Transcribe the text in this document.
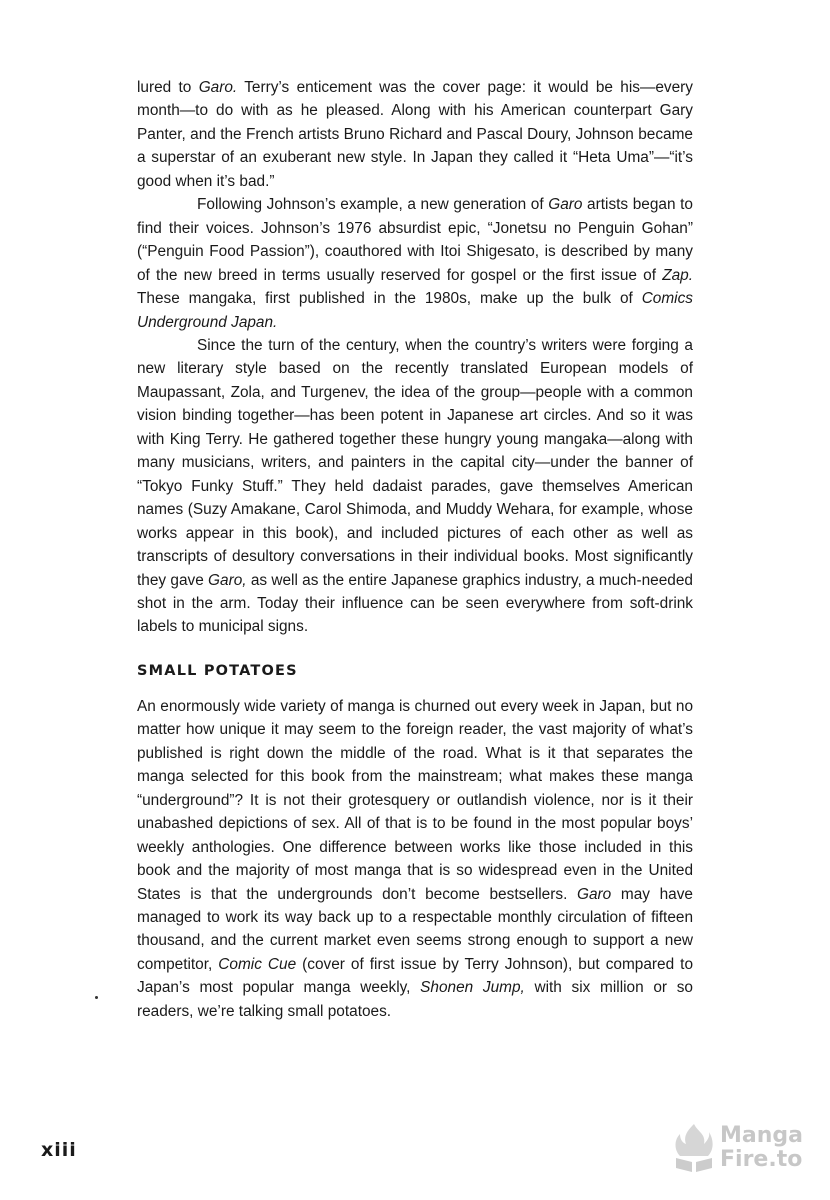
lured to Garo. Terry’s enticement was the cover page: it would be his—every month—to do with as he pleased. Along with his American counterpart Gary Panter, and the French artists Bruno Richard and Pascal Doury, Johnson became a superstar of an exuberant new style. In Japan they called it “Heta Uma”—“it’s good when it’s bad.”

Following Johnson’s example, a new generation of Garo artists began to find their voices. Johnson’s 1976 absurdist epic, “Jonetsu no Penguin Gohan” (“Penguin Food Passion”), coauthored with Itoi Shigesato, is described by many of the new breed in terms usually reserved for gospel or the first issue of Zap. These mangaka, first published in the 1980s, make up the bulk of Comics Underground Japan.

Since the turn of the century, when the country’s writers were forging a new literary style based on the recently translated European models of Maupassant, Zola, and Turgenev, the idea of the group—people with a common vision binding together—has been potent in Japanese art circles. And so it was with King Terry. He gathered together these hungry young mangaka—along with many musicians, writers, and painters in the capital city—under the banner of “Tokyo Funky Stuff.” They held dadaist parades, gave themselves American names (Suzy Amakane, Carol Shimoda, and Muddy Wehara, for example, whose works appear in this book), and included pictures of each other as well as transcripts of desultory conversations in their individual books. Most significantly they gave Garo, as well as the entire Japanese graphics industry, a much-needed shot in the arm. Today their influence can be seen everywhere from soft-drink labels to municipal signs.

SMALL POTATOES

An enormously wide variety of manga is churned out every week in Japan, but no matter how unique it may seem to the foreign reader, the vast majority of what’s published is right down the middle of the road. What is it that separates the manga selected for this book from the mainstream; what makes these manga “underground”? It is not their grotesquery or outlandish violence, nor is it their unabashed depictions of sex. All of that is to be found in the most popular boys’ weekly anthologies. One difference between works like those included in this book and the majority of most manga that is so widespread even in the United States is that the undergrounds don’t become bestsellers. Garo may have managed to work its way back up to a respectable monthly circulation of fifteen thousand, and the current market even seems strong enough to support a new competitor, Comic Cue (cover of first issue by Terry Johnson), but compared to Japan’s most popular manga weekly, Shonen Jump, with six million or so readers, we’re talking small potatoes.

xiii
Manga
Fire.to
